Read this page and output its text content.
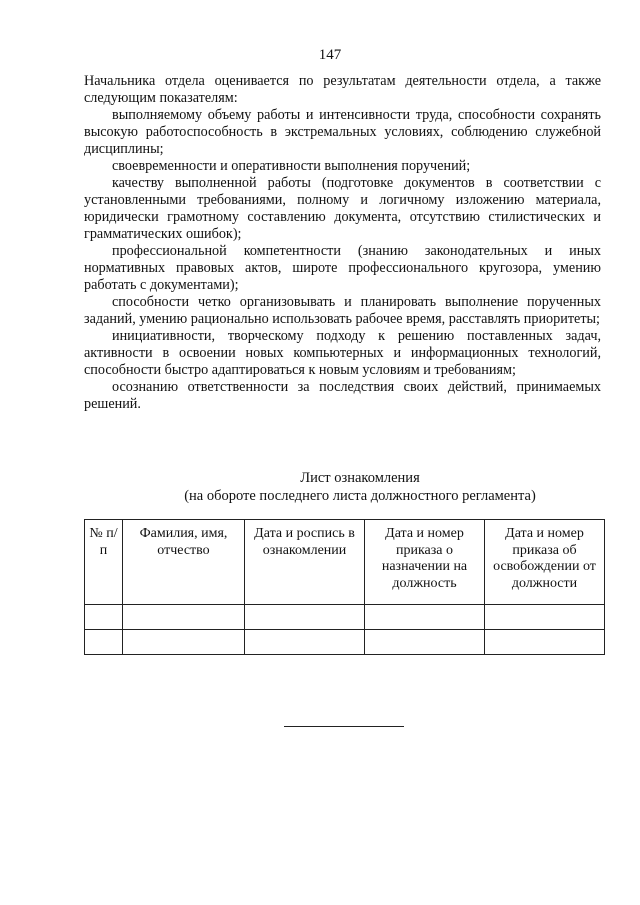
147

Начальника отдела оценивается по результатам деятельности отдела, а также следующим показателям:

выполняемому объему работы и интенсивности труда, способности сохранять высокую работоспособность в экстремальных условиях, соблюдению служебной дисциплины;

своевременности и оперативности выполнения поручений;

качеству выполненной работы (подготовке документов в соответствии с установленными требованиями, полному и логичному изложению материала, юридически грамотному составлению документа, отсутствию стилистических и грамматических ошибок);

профессиональной компетентности (знанию законодательных и иных нормативных правовых актов, широте профессионального кругозора, умению работать с документами);

способности четко организовывать и планировать выполнение порученных заданий, умению рационально использовать рабочее время, расставлять приоритеты;

инициативности, творческому подходу к решению поставленных задач, активности в освоении новых компьютерных и информационных технологий, способности быстро адаптироваться к новым условиям и требованиям;

осознанию ответственности за последствия своих действий, принимаемых решений.

Лист ознакомления
(на обороте последнего листа должностного регламента)
№ п/п	Фамилия, имя, отчество	Дата и роспись в ознакомлении	Дата и номер приказа о назначении на должность	Дата и номер приказа об освобождении от должности
